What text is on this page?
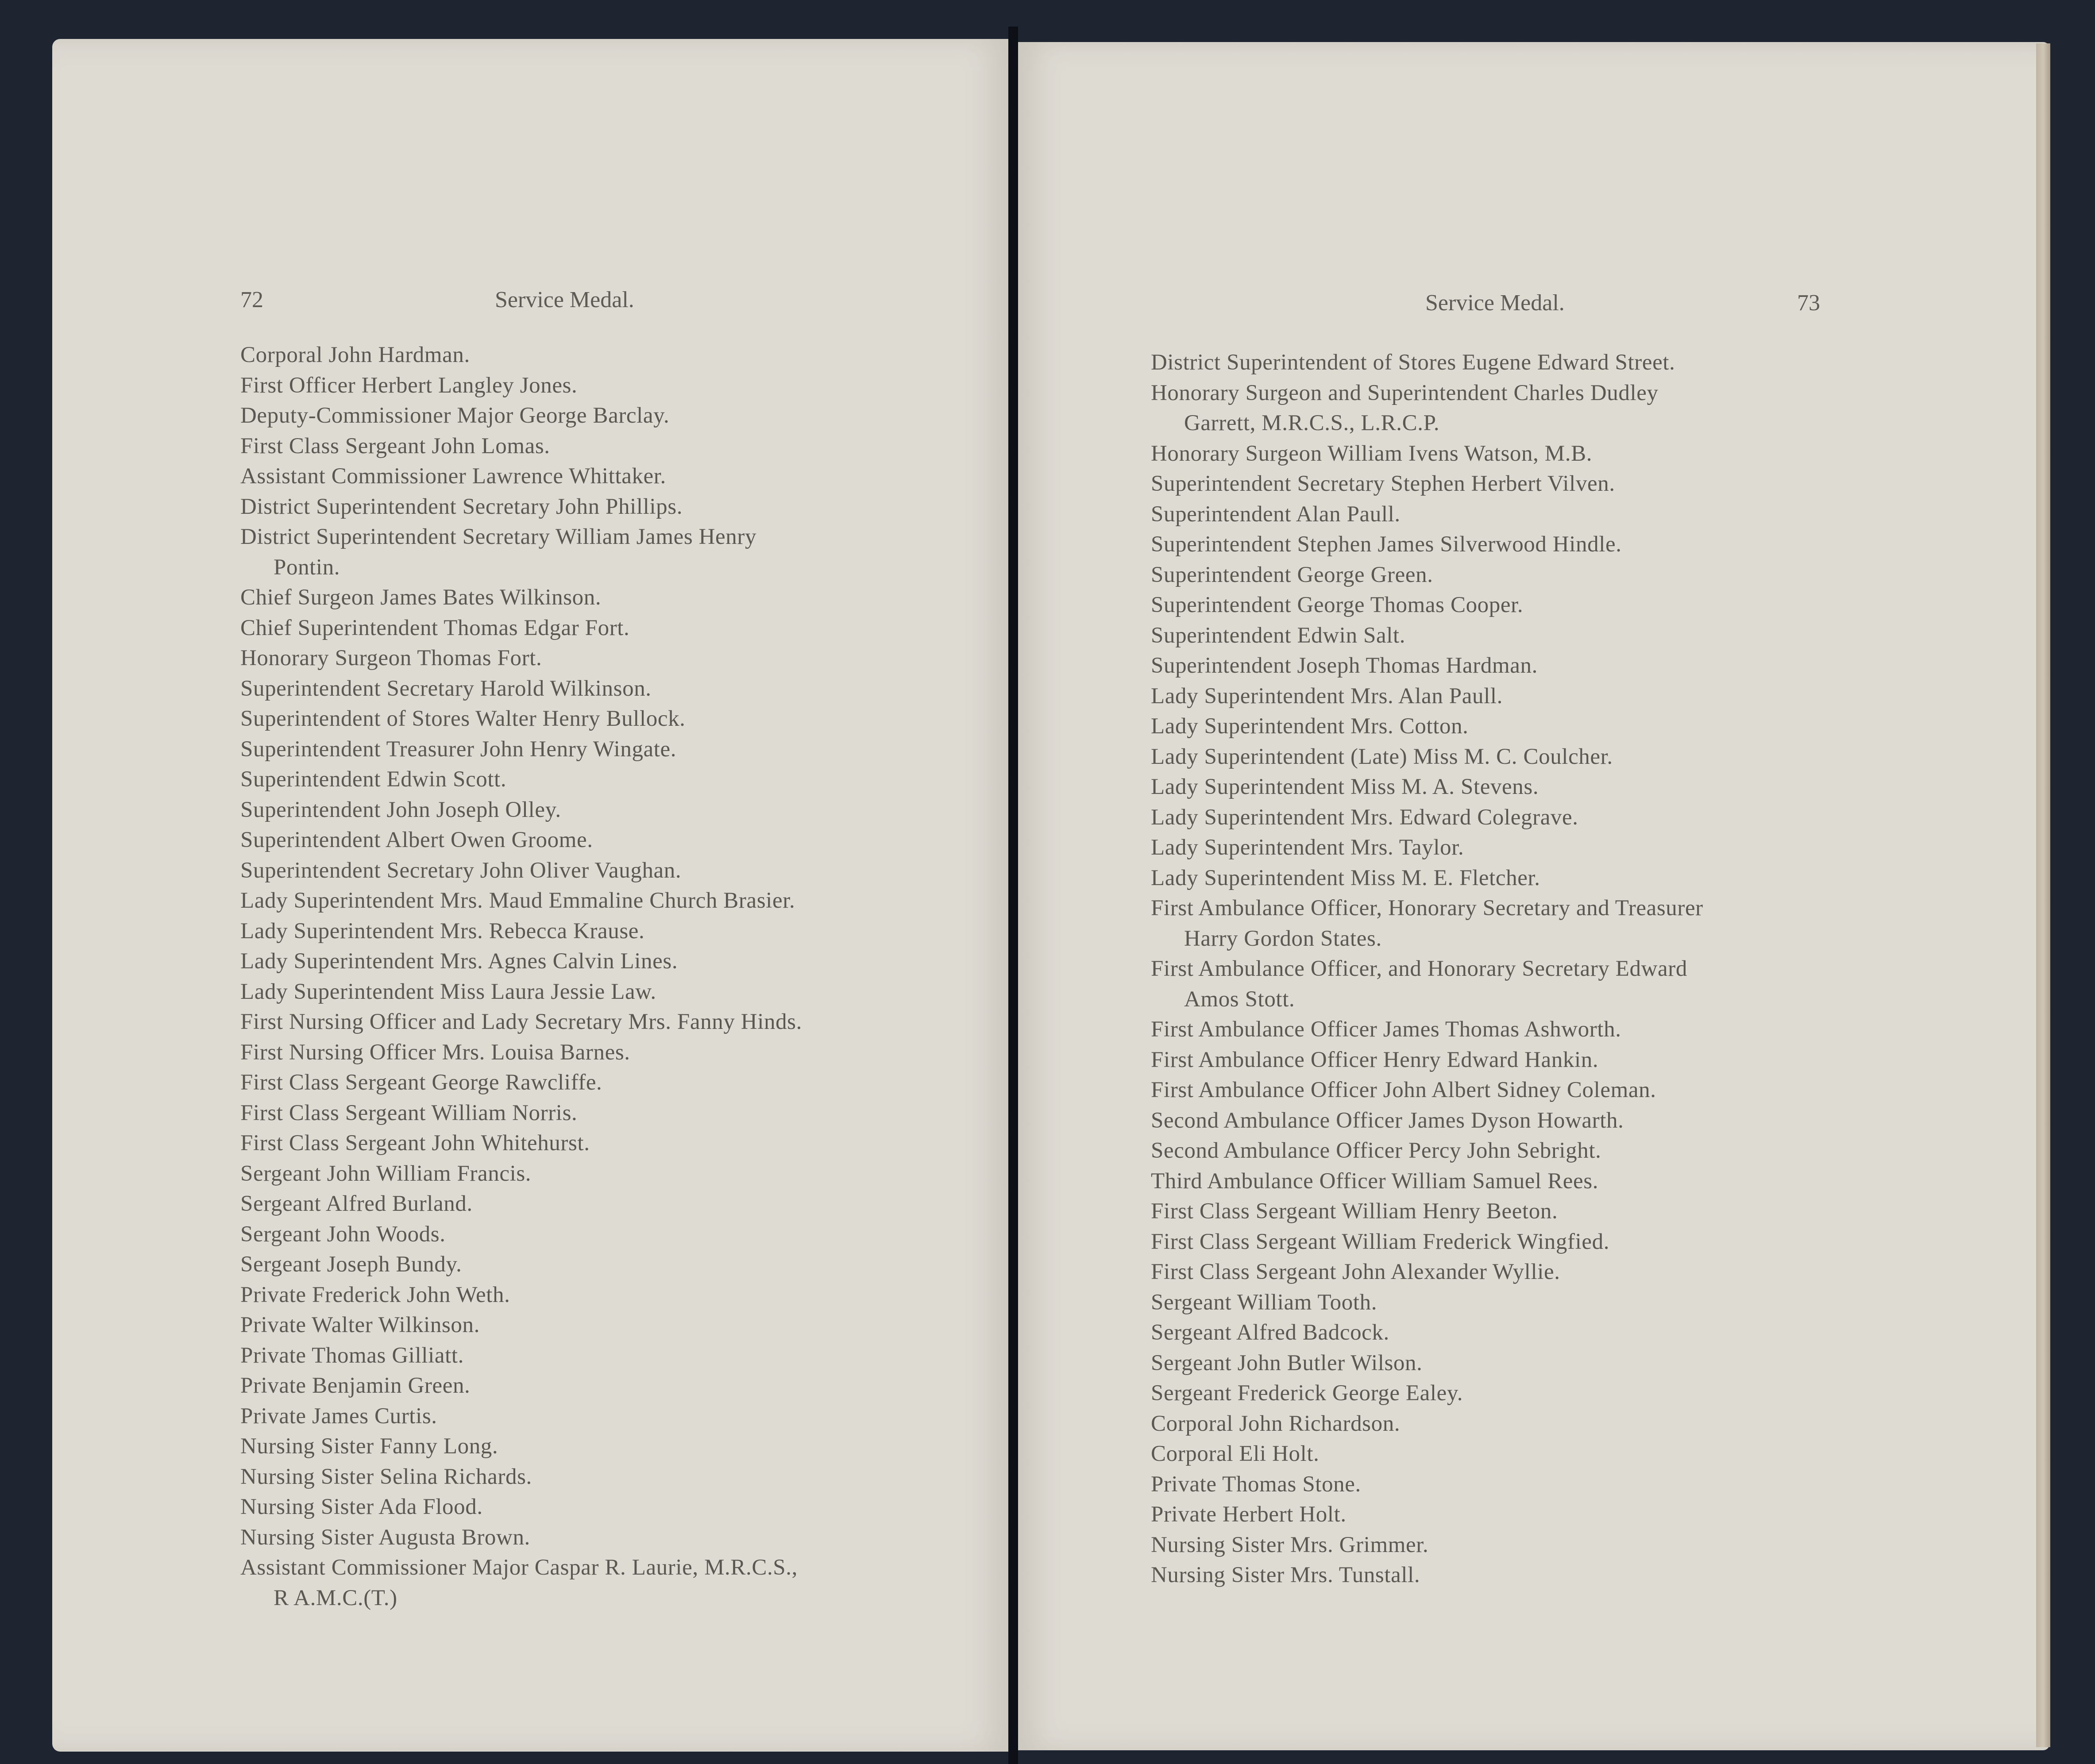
72	Service Medal.
Corporal John Hardman.
First Officer Herbert Langley Jones.
Deputy-Commissioner Major George Barclay.
First Class Sergeant John Lomas.
Assistant Commissioner Lawrence Whittaker.
District Superintendent Secretary John Phillips.
District Superintendent Secretary William James Henry
Pontin.
Chief Surgeon James Bates Wilkinson.
Chief Superintendent Thomas Edgar Fort.
Honorary Surgeon Thomas Fort.
Superintendent Secretary Harold Wilkinson.
Superintendent of Stores Walter Henry Bullock.
Superintendent Treasurer John Henry Wingate.
Superintendent Edwin Scott.
Superintendent John Joseph Olley.
Superintendent Albert Owen Groome.
Superintendent Secretary John Oliver Vaughan.
Lady Superintendent Mrs. Maud Emmaline Church Brasier.
Lady Superintendent Mrs. Rebecca Krause.
Lady Superintendent Mrs. Agnes Calvin Lines.
Lady Superintendent Miss Laura Jessie Law.
First Nursing Officer and Lady Secretary Mrs. Fanny Hinds.
First Nursing Officer Mrs. Louisa Barnes.
First Class Sergeant George Rawcliffe.
First Class Sergeant William Norris.
First Class Sergeant John Whitehurst.
Sergeant John William Francis.
Sergeant Alfred Burland.
Sergeant John Woods.
Sergeant Joseph Bundy.
Private Frederick John Weth.
Private Walter Wilkinson.
Private Thomas Gilliatt.
Private Benjamin Green.
Private James Curtis.
Nursing Sister Fanny Long.
Nursing Sister Selina Richards.
Nursing Sister Ada Flood.
Nursing Sister Augusta Brown.
Assistant Commissioner Major Caspar R. Laurie, M.R.C.S.,
R A.M.C.(T.)
Service Medal.	73
District Superintendent of Stores Eugene Edward Street.
Honorary Surgeon and Superintendent Charles Dudley
Garrett, M.R.C.S., L.R.C.P.
Honorary Surgeon William Ivens Watson, M.B.
Superintendent Secretary Stephen Herbert Vilven.
Superintendent Alan Paull.
Superintendent Stephen James Silverwood Hindle.
Superintendent George Green.
Superintendent George Thomas Cooper.
Superintendent Edwin Salt.
Superintendent Joseph Thomas Hardman.
Lady Superintendent Mrs. Alan Paull.
Lady Superintendent Mrs. Cotton.
Lady Superintendent (Late) Miss M. C. Coulcher.
Lady Superintendent Miss M. A. Stevens.
Lady Superintendent Mrs. Edward Colegrave.
Lady Superintendent Mrs. Taylor.
Lady Superintendent Miss M. E. Fletcher.
First Ambulance Officer, Honorary Secretary and Treasurer
Harry Gordon States.
First Ambulance Officer, and Honorary Secretary Edward
Amos Stott.
First Ambulance Officer James Thomas Ashworth.
First Ambulance Officer Henry Edward Hankin.
First Ambulance Officer John Albert Sidney Coleman.
Second Ambulance Officer James Dyson Howarth.
Second Ambulance Officer Percy John Sebright.
Third Ambulance Officer William Samuel Rees.
First Class Sergeant William Henry Beeton.
First Class Sergeant William Frederick Wingfied.
First Class Sergeant John Alexander Wyllie.
Sergeant William Tooth.
Sergeant Alfred Badcock.
Sergeant John Butler Wilson.
Sergeant Frederick George Ealey.
Corporal John Richardson.
Corporal Eli Holt.
Private Thomas Stone.
Private Herbert Holt.
Nursing Sister Mrs. Grimmer.
Nursing Sister Mrs. Tunstall.
